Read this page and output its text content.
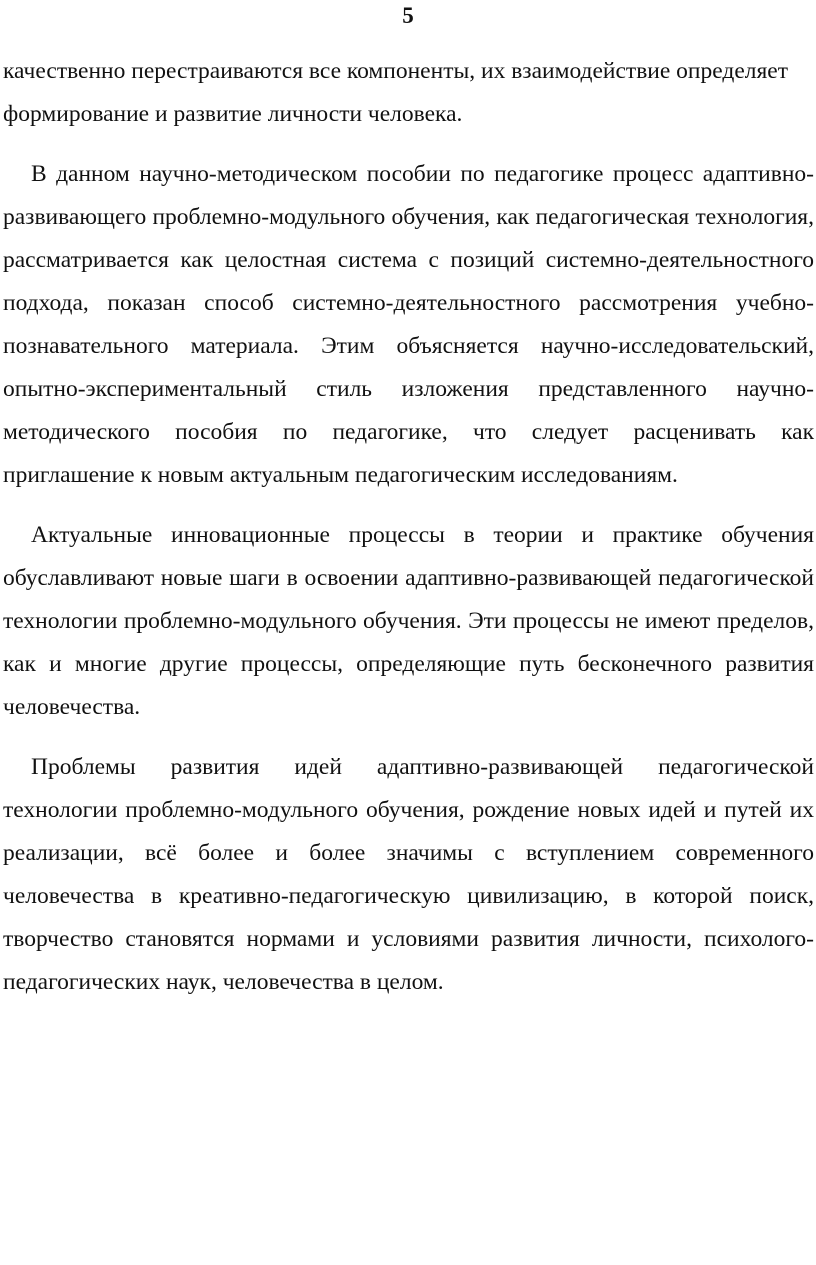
5

качественно перестраиваются все компоненты, их взаимодействие определяет формирование и развитие личности человека.

В данном научно-методическом пособии по педагогике процесс адаптивно-развивающего проблемно-модульного обучения, как педагогическая технология, рассматривается как целостная система с позиций системно-деятельностного подхода, показан способ системно-деятельностного рассмотрения учебно-познавательного материала. Этим объясняется научно-исследовательский, опытно-экспериментальный стиль изложения представленного научно-методического пособия по педагогике, что следует расценивать как приглашение к новым актуальным педагогическим исследованиям.

Актуальные инновационные процессы в теории и практике обучения обуславливают новые шаги в освоении адаптивно-развивающей педагогической технологии проблемно-модульного обучения. Эти процессы не имеют пределов, как и многие другие процессы, определяющие путь бесконечного развития человечества.

Проблемы развития идей адаптивно-развивающей педагогической технологии проблемно-модульного обучения, рождение новых идей и путей их реализации, всё более и более значимы с вступлением современного человечества в креативно-педагогическую цивилизацию, в которой поиск, творчество становятся нормами и условиями развития личности, психолого-педагогических наук, человечества в целом.
